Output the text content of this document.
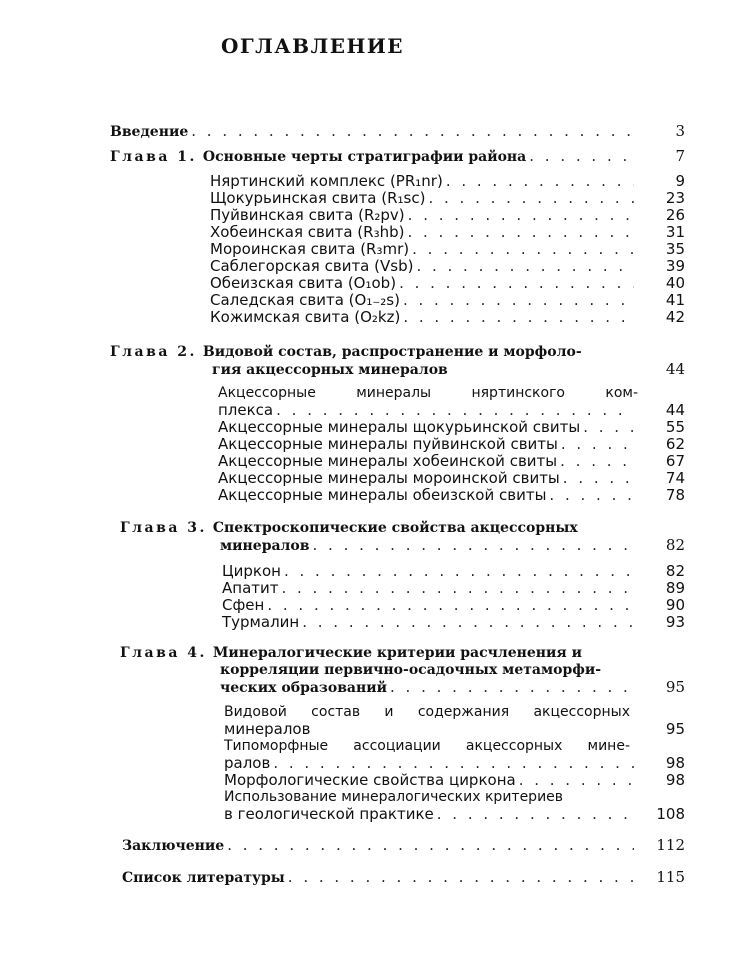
ОГЛАВЛЕНИЕ
Введение . . .	3
Глава 1. Основные черты стратиграфии района . . .	7
Няртинский комплекс (PR₁nr) . . .	9
Щокурьинская свита (R₁sc) . . .	23
Пуйвинская свита (R₂pv) . . .	26
Хобеинская свита (R₃hb) . . .	31
Мороинская свита (R₃mr) . . .	35
Саблегорская свита (Vsb) . . .	39
Обеизская свита (O₁ob) . . .	40
Саледская свита (O₁₋₂s) . . .	41
Кожимская свита (O₂kz) . . .	42
Глава 2. Видовой состав, распространение и морфоло-
гия акцессорных минералов	44
Акцессорные минералы няртинского ком-
плекса . . .	44
Акцессорные минералы щокурьинской свиты . . .	55
Акцессорные минералы пуйвинской свиты . . .	62
Акцессорные минералы хобеинской свиты . . .	67
Акцессорные минералы мороинской свиты . . .	74
Акцессорные минералы обеизской свиты . . .	78
Глава 3. Спектроскопические свойства акцессорных
минералов . . .	82
Циркон . . .	82
Апатит . . .	89
Сфен . . .	90
Турмалин . . .	93
Глава 4. Минералогические критерии расчленения и
корреляции первично-осадочных метаморфи-
ческих образований . . .	95
Видовой состав и содержания акцессорных
минералов	95
Типоморфные ассоциации акцессорных мине-
ралов . . .	98
Морфологические свойства циркона . . .	98
Использование минералогических критериев
в геологической практике . . .	108
Заключение . . .	112
Список литературы . . .	115
